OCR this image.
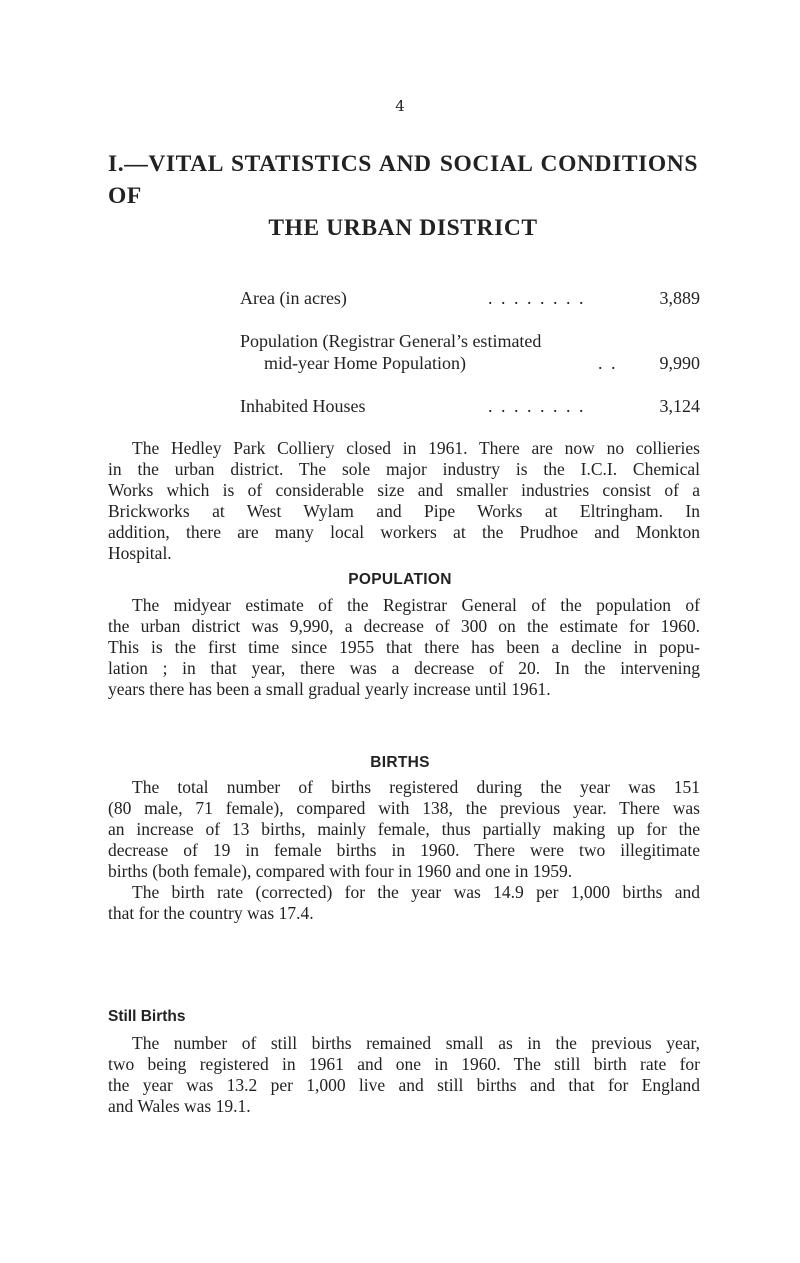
4
I.—VITAL STATISTICS AND SOCIAL CONDITIONS OF
THE URBAN DISTRICT
Area (in acres)	. . . . . . . .	3,889
Population (Registrar General’s estimated
mid-year Home Population)	. .	9,990
Inhabited Houses	. . . . . . . .	3,124
The Hedley Park Colliery closed in 1961. There are now no collieries
in the urban district. The sole major industry is the I.C.I. Chemical
Works which is of considerable size and smaller industries consist of a
Brickworks at West Wylam and Pipe Works at Eltringham. In
addition, there are many local workers at the Prudhoe and Monkton
Hospital.
POPULATION
The midyear estimate of the Registrar General of the population of
the urban district was 9,990, a decrease of 300 on the estimate for 1960.
This is the first time since 1955 that there has been a decline in popu-
lation ; in that year, there was a decrease of 20. In the intervening
years there has been a small gradual yearly increase until 1961.
BIRTHS
The total number of births registered during the year was 151
(80 male, 71 female), compared with 138, the previous year. There was
an increase of 13 births, mainly female, thus partially making up for the
decrease of 19 in female births in 1960. There were two illegitimate
births (both female), compared with four in 1960 and one in 1959.
The birth rate (corrected) for the year was 14.9 per 1,000 births and
that for the country was 17.4.
Still Births
The number of still births remained small as in the previous year,
two being registered in 1961 and one in 1960. The still birth rate for
the year was 13.2 per 1,000 live and still births and that for England
and Wales was 19.1.
